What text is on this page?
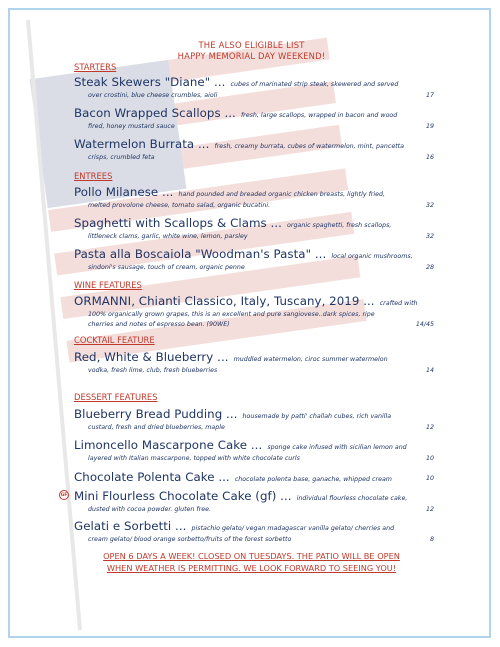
THE ALSO ELIGIBLE LIST
HAPPY MEMORIAL DAY WEEKEND!
STARTERS
Steak Skewers "Diane" ... cubes of marinated strip steak, skewered and served
over crostini, blue cheese crumbles, aioli	17
Bacon Wrapped Scallops ... fresh, large scallops, wrapped in bacon and wood
fired, honey mustard sauce	19
Watermelon Burrata ... fresh, creamy burrata, cubes of watermelon, mint, pancetta
crisps, crumbled feta	16
ENTREES
Pollo Milanese ... hand pounded and breaded organic chicken breasts, lightly fried,
melted provolone cheese, tomato salad, organic bucatini.	32
Spaghetti with Scallops & Clams ... organic spaghetti, fresh scallops,
littleneck clams, garlic, white wine, lemon, parsley	32
Pasta alla Boscaiola "Woodman's Pasta" ... local organic mushrooms,
sindoni's sausage, touch of cream, organic penne	28
WINE FEATURES
ORMANNI, Chianti Classico, Italy, Tuscany, 2019 ... crafted with
100% organically grown grapes, this is an excellent and pure sangiovese..dark spices, ripe
cherries and notes of espresso bean. (90WE)	14/45
COCKTAIL FEATURE
Red, White & Blueberry ... muddled watermelon, ciroc summer watermelon
vodka, fresh lime, club, fresh blueberries	14
DESSERT FEATURES
Blueberry Bread Pudding ... housemade by patti' challah cubes, rich vanilla
custard, fresh and dried blueberries, maple	12
Limoncello Mascarpone Cake ... sponge cake infused with sicilian lemon and
layered with Italian mascarpone, topped with white chocolate curls	10
Chocolate Polenta Cake ... chocolate polenta base, ganache, whipped cream	10
GF Mini Flourless Chocolate Cake (gf) ... individual flourless chocolate cake,
dusted with cocoa powder. gluten free.	12
Gelati e Sorbetti ... pistachio gelato/ vegan madagascar vanilla gelato/ cherries and
cream gelato/ blood orange sorbetto/fruits of the forest sorbetto	8
OPEN 6 DAYS A WEEK! CLOSED ON TUESDAYS. THE PATIO WILL BE OPEN
WHEN WEATHER IS PERMITTING. WE LOOK FORWARD TO SEEING YOU!
